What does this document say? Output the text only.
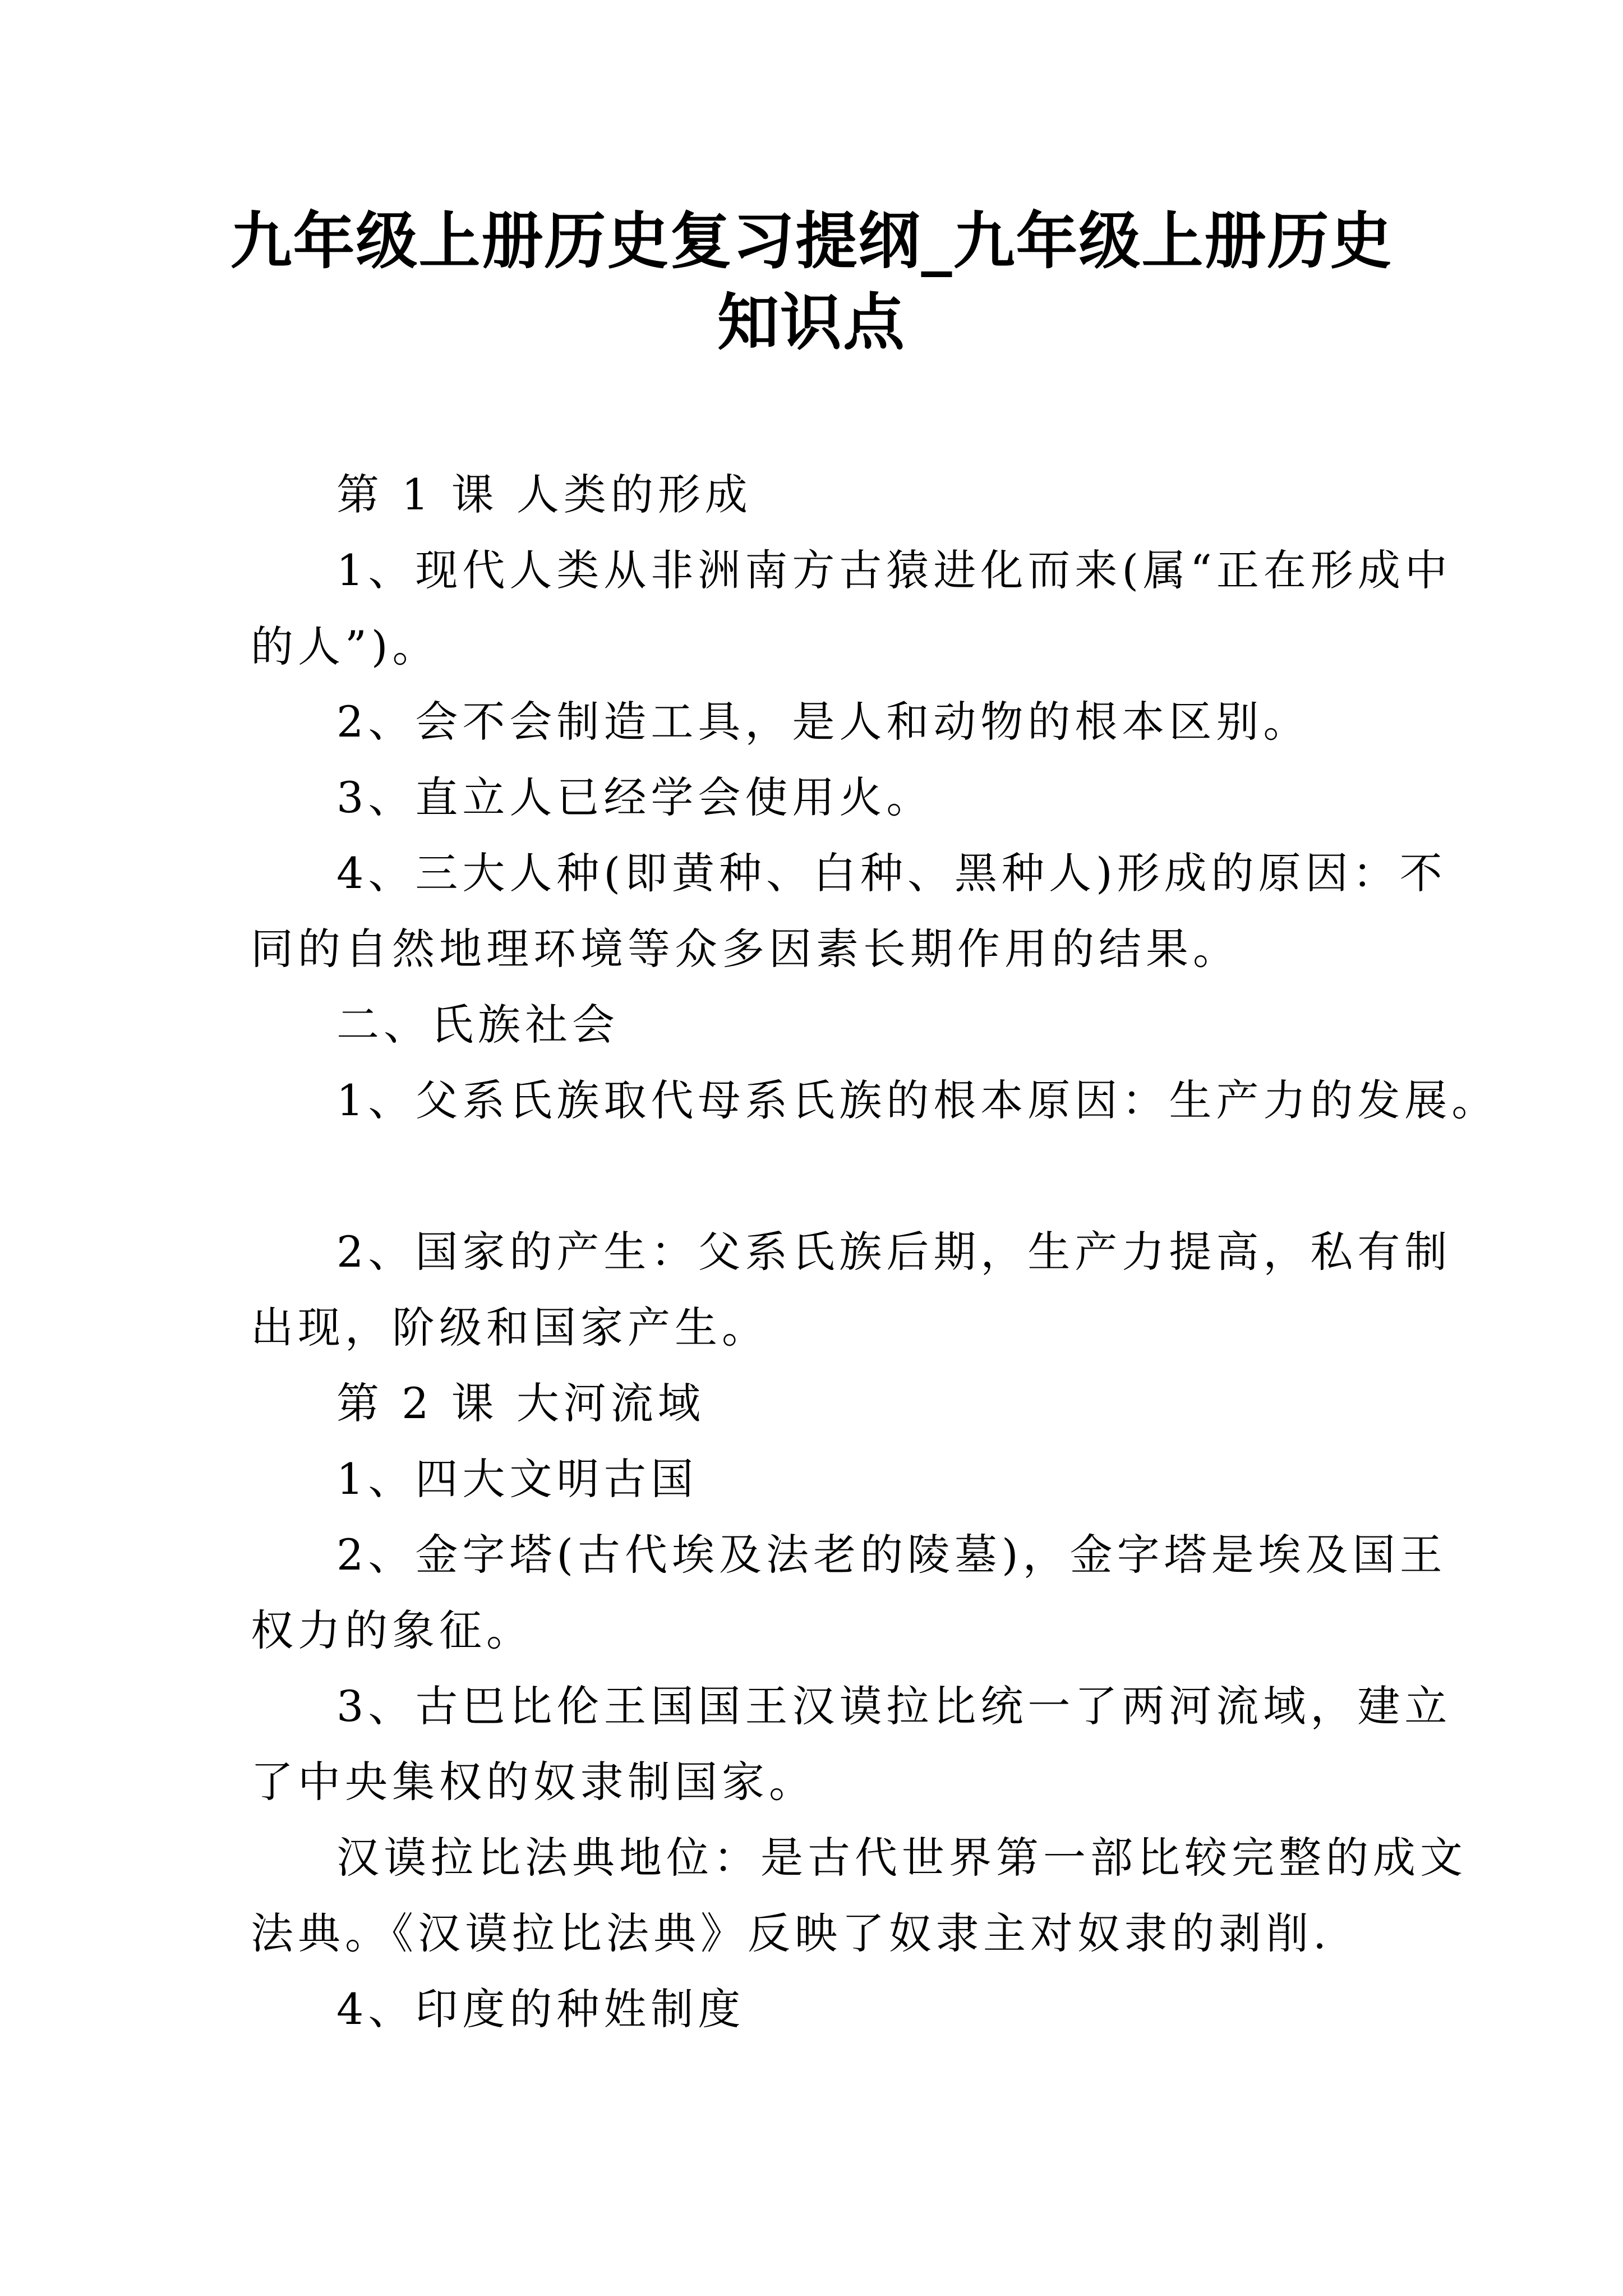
九年级上册历史复习提纲_九年级上册历史
知识点

第 1 课 人类的形成

1、现代人类从非洲南方古猿进化而来(属“正在形成中

的人”)。

2、会不会制造工具，是人和动物的根本区别。

3、直立人已经学会使用火。

4、三大人种(即黄种、白种、黑种人)形成的原因：不

同的自然地理环境等众多因素长期作用的结果。

二、氏族社会

1、父系氏族取代母系氏族的根本原因：生产力的发展。

2、国家的产生：父系氏族后期，生产力提高，私有制

出现，阶级和国家产生。

第 2 课 大河流域

1、四大文明古国

2、金字塔(古代埃及法老的陵墓)，金字塔是埃及国王

权力的象征。

3、古巴比伦王国国王汉谟拉比统一了两河流域，建立

了中央集权的奴隶制国家。

汉谟拉比法典地位：是古代世界第一部比较完整的成文

法典。《汉谟拉比法典》反映了奴隶主对奴隶的剥削.

4、印度的种姓制度
